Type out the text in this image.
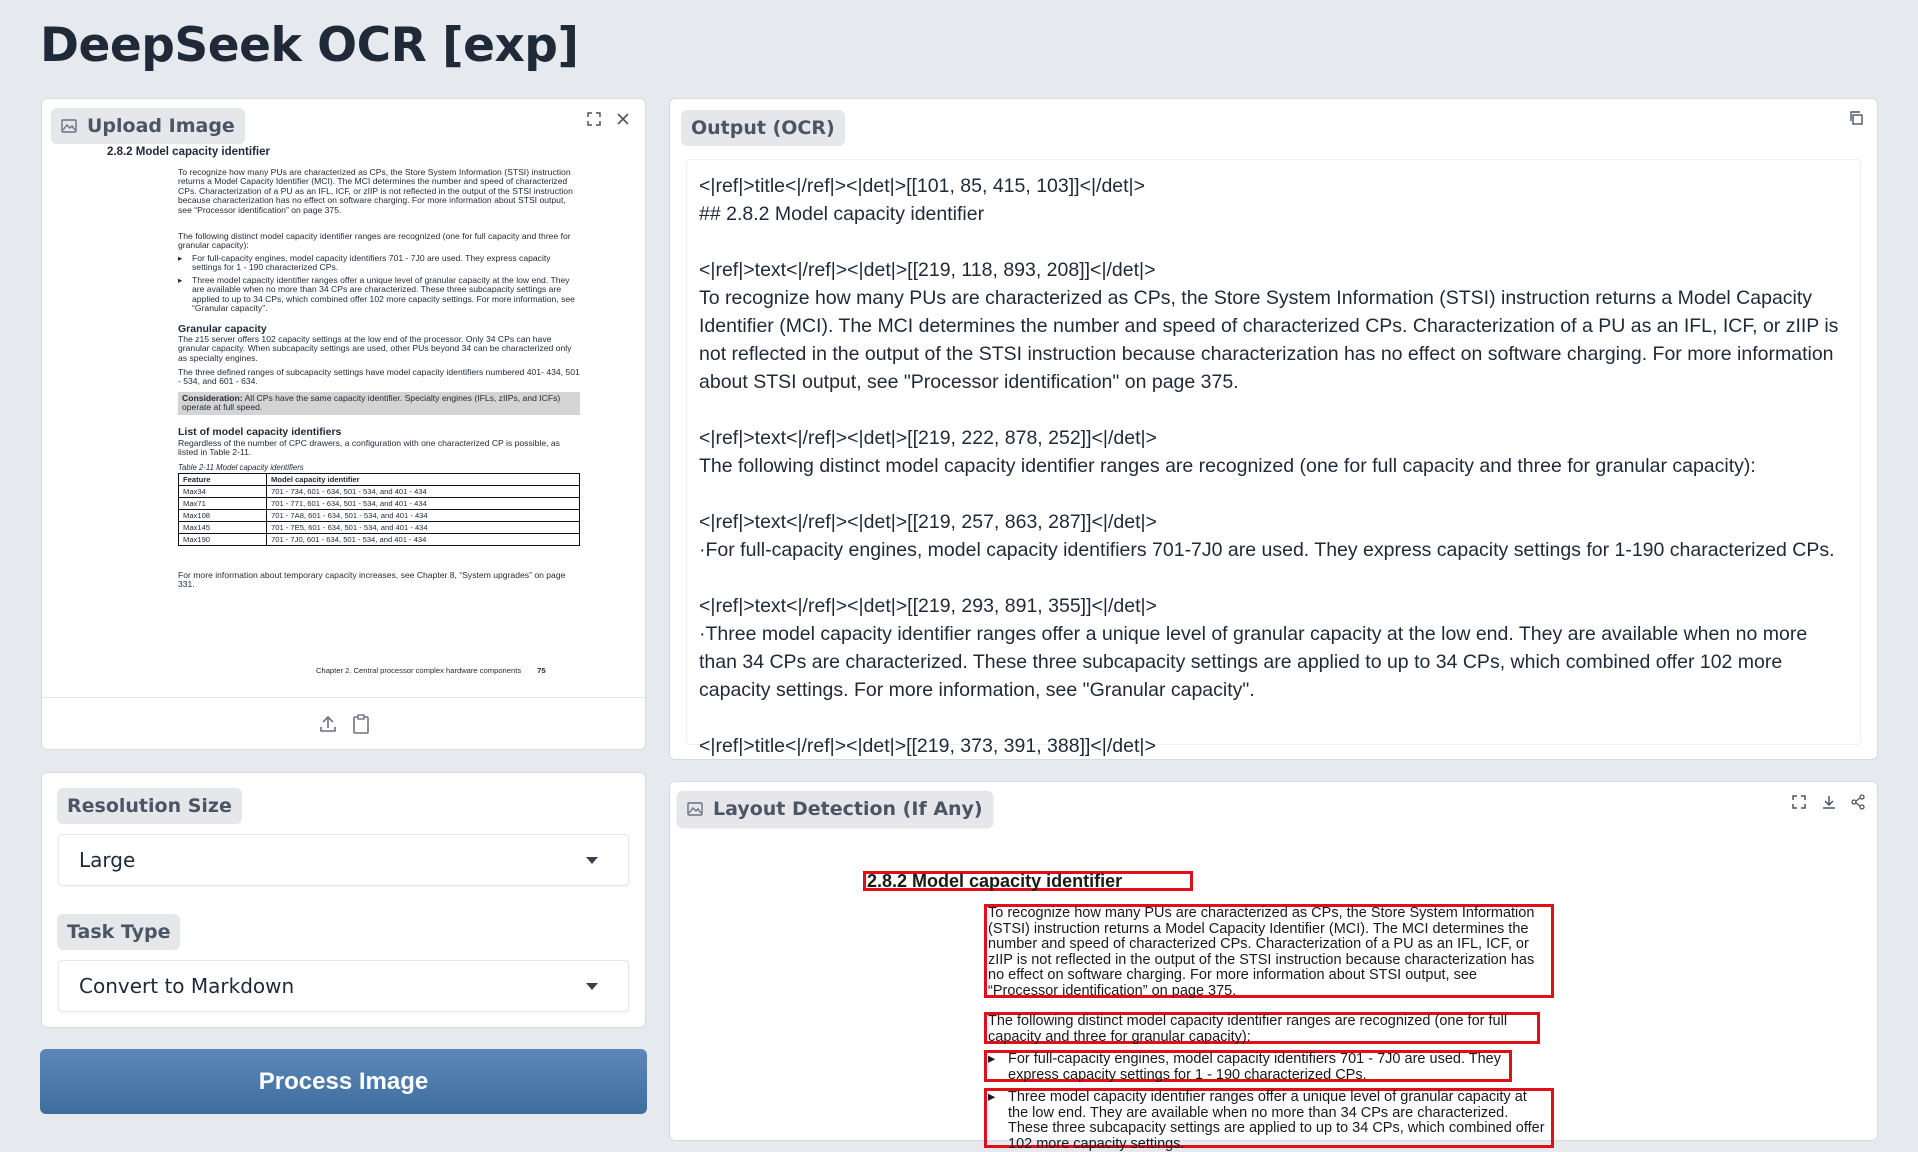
DeepSeek OCR [exp]
Upload Image
2.8.2 Model capacity identifier
To recognize how many PUs are characterized as CPs, the Store System Information (STSI) instruction returns a Model Capacity Identifier (MCI). The MCI determines the number and speed of characterized CPs. Characterization of a PU as an IFL, ICF, or zIIP is not reflected in the output of the STSI instruction because characterization has no effect on software charging. For more information about STSI output, see “Processor identification” on page 375.
The following distinct model capacity identifier ranges are recognized (one for full capacity and three for granular capacity):
▸	For full-capacity engines, model capacity identifiers 701 - 7J0 are used. They express capacity settings for 1 - 190 characterized CPs.
▸	Three model capacity identifier ranges offer a unique level of granular capacity at the low end. They are available when no more than 34 CPs are characterized. These three subcapacity settings are applied to up to 34 CPs, which combined offer 102 more capacity settings. For more information, see “Granular capacity”.
Granular capacity
The z15 server offers 102 capacity settings at the low end of the processor. Only 34 CPs can have granular capacity. When subcapacity settings are used, other PUs beyond 34 can be characterized only as specialty engines.
The three defined ranges of subcapacity settings have model capacity identifiers numbered 401- 434, 501 - 534, and 601 - 634.
Consideration: All CPs have the same capacity identifier. Specialty engines (IFLs, zIIPs, and ICFs) operate at full speed.
List of model capacity identifiers
Regardless of the number of CPC drawers, a configuration with one characterized CP is possible, as listed in Table 2-11.
Table 2-11 Model capacity identifiers
Feature	Model capacity identifier
Max34	701 - 734, 601 - 634, 501 - 534, and 401 - 434
Max71	701 - 771, 601 - 634, 501 - 534, and 401 - 434
Max108	701 - 7A8, 601 - 634, 501 - 534, and 401 - 434
Max145	701 - 7E5, 601 - 634, 501 - 534, and 401 - 434
Max190	701 - 7J0, 601 - 634, 501 - 534, and 401 - 434
For more information about temporary capacity increases, see Chapter 8, “System upgrades” on page 331.
Chapter 2. Central processor complex hardware components 75
Output (OCR)

<|ref|>title<|/ref|><|det|>[[101, 85, 415, 103]]<|/det|>

## 2.8.2 Model capacity identifier

<|ref|>text<|/ref|><|det|>[[219, 118, 893, 208]]<|/det|>

To recognize how many PUs are characterized as CPs, the Store System Information (STSI) instruction returns a Model Capacity Identifier (MCI). The MCI determines the number and speed of characterized CPs. Characterization of a PU as an IFL, ICF, or zIIP is not reflected in the output of the STSI instruction because characterization has no effect on software charging. For more information about STSI output, see "Processor identification" on page 375.

<|ref|>text<|/ref|><|det|>[[219, 222, 878, 252]]<|/det|>

The following distinct model capacity identifier ranges are recognized (one for full capacity and three for granular capacity):

<|ref|>text<|/ref|><|det|>[[219, 257, 863, 287]]<|/det|>

·For full-capacity engines, model capacity identifiers 701-7J0 are used. They express capacity settings for 1-190 characterized CPs.

<|ref|>text<|/ref|><|det|>[[219, 293, 891, 355]]<|/det|>

·Three model capacity identifier ranges offer a unique level of granular capacity at the low end. They are available when no more than 34 CPs are characterized. These three subcapacity settings are applied to up to 34 CPs, which combined offer 102 more capacity settings. For more information, see "Granular capacity".

<|ref|>title<|/ref|><|det|>[[219, 373, 391, 388]]<|/det|>

Resolution Size
Large
Task Type
Convert to Markdown
Process Image
2.8.2 Model capacity identifier
To recognize how many PUs are characterized as CPs, the Store System Information (STSI) instruction returns a Model Capacity Identifier (MCI). The MCI determines the number and speed of characterized CPs. Characterization of a PU as an IFL, ICF, or zIIP is not reflected in the output of the STSI instruction because characterization has no effect on software charging. For more information about STSI output, see “Processor identification” on page 375.
The following distinct model capacity identifier ranges are recognized (one for full capacity and three for granular capacity):
▸ For full-capacity engines, model capacity identifiers 701 - 7J0 are used. They express capacity settings for 1 - 190 characterized CPs.
▸ Three model capacity identifier ranges offer a unique level of granular capacity at the low end. They are available when no more than 34 CPs are characterized. These three subcapacity settings are applied to up to 34 CPs, which combined offer 102 more capacity settings.
Layout Detection (If Any)
